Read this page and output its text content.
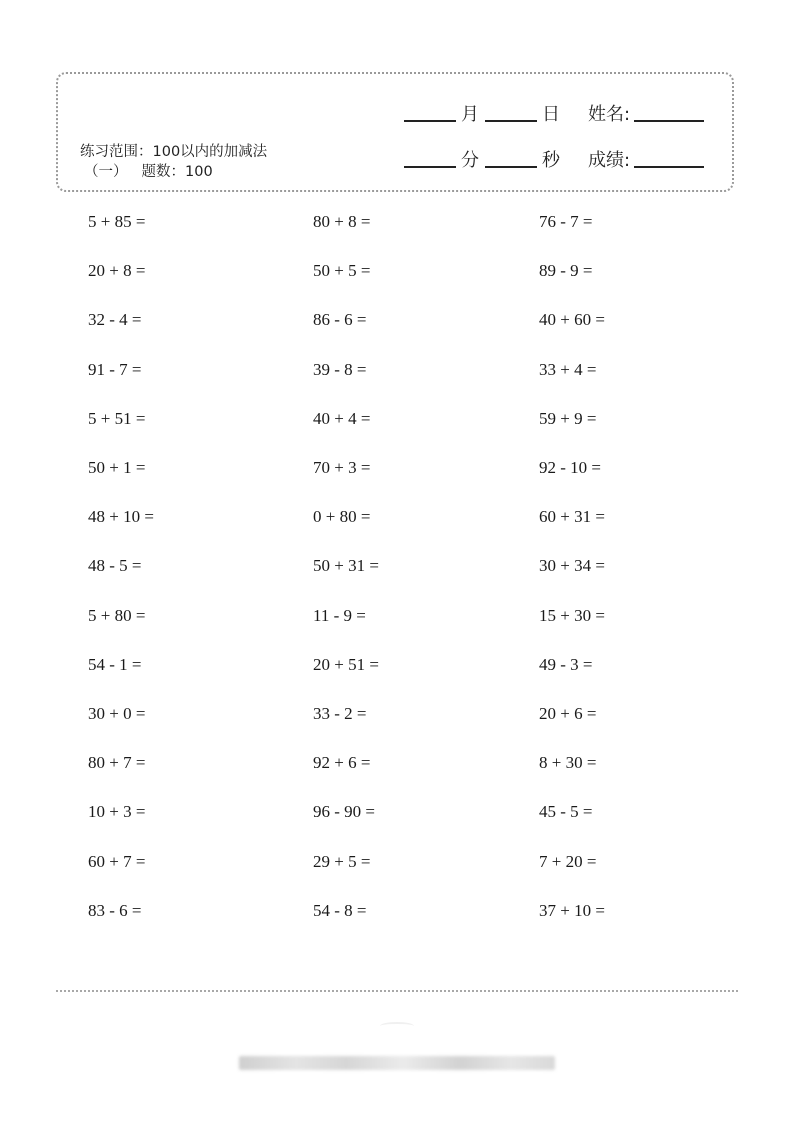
月	日 姓名:
分	秒 成绩:
练习范围：100以内的加减法
（一） 题数：100
5 + 85 =
20 + 8 =
32 - 4 =
91 - 7 =
5 + 51 =
50 + 1 =
48 + 10 =
48 - 5 =
5 + 80 =
54 - 1 =
30 + 0 =
80 + 7 =
10 + 3 =
60 + 7 =
83 - 6 =
80 + 8 =
50 + 5 =
86 - 6 =
39 - 8 =
40 + 4 =
70 + 3 =
0 + 80 =
50 + 31 =
11 - 9 =
20 + 51 =
33 - 2 =
92 + 6 =
96 - 90 =
29 + 5 =
54 - 8 =
76 - 7 =
89 - 9 =
40 + 60 =
33 + 4 =
59 + 9 =
92 - 10 =
60 + 31 =
30 + 34 =
15 + 30 =
49 - 3 =
20 + 6 =
8 + 30 =
45 - 5 =
7 + 20 =
37 + 10 =
